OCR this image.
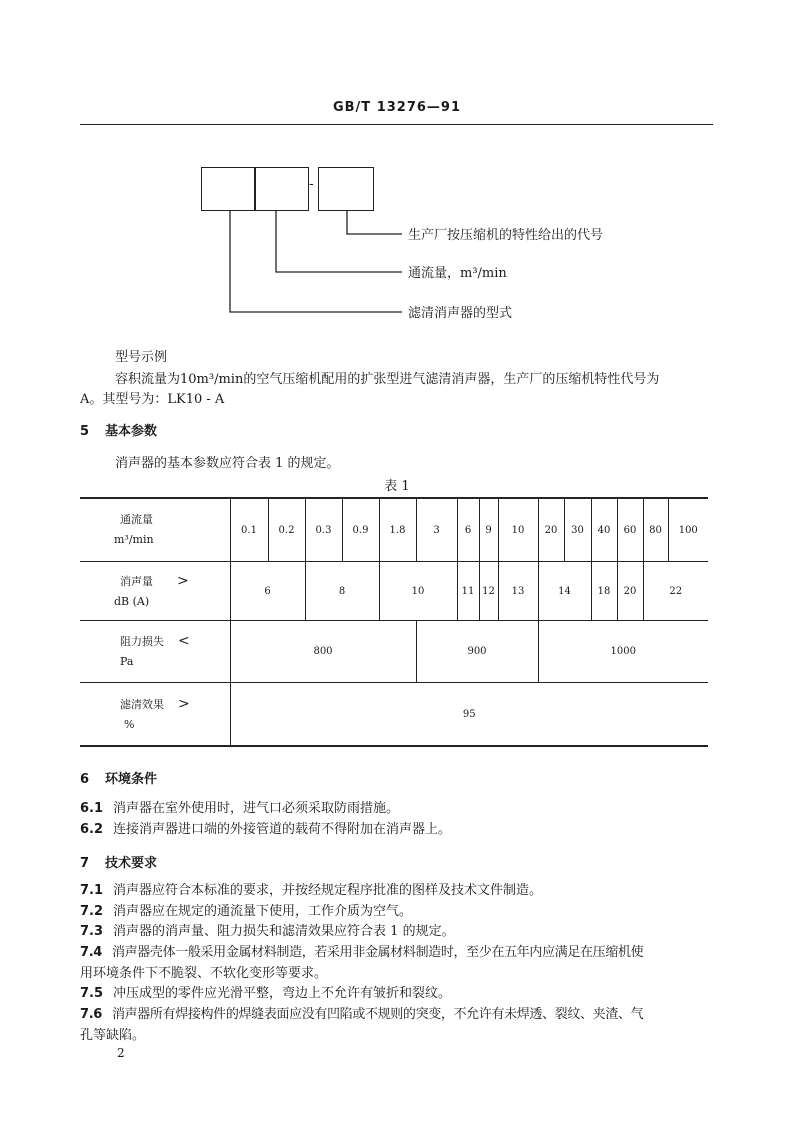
GB/T 13276—91
-
生产厂按压缩机的特性给出的代号
通流量，m³/min
滤清消声器的型式
型号示例
容积流量为10m³/min的空气压缩机配用的扩张型进气滤清消声器，生产厂的压缩机特性代号为
A。其型号为：LK10 - A
5 基本参数
消声器的基本参数应符合表 1 的规定。
表 1
通流量
m³/min	0.1	0.2	0.3	0.9	1.8	3	6	9	10	20	30	40	60	80	100
消声量 >
dB (A)	6		8		10		11	12	13	14		18	20	22	
阻力损失 <
Pa	800					900				1000					
滤清效果 >
%	95														
6 环境条件
6.1 消声器在室外使用时，进气口必须采取防雨措施。
6.2 连接消声器进口端的外接管道的载荷不得附加在消声器上。
7 技术要求
7.1 消声器应符合本标准的要求，并按经规定程序批准的图样及技术文件制造。
7.2 消声器应在规定的通流量下使用，工作介质为空气。
7.3 消声器的消声量、阻力损失和滤清效果应符合表 1 的规定。
7.4 消声器壳体一般采用金属材料制造，若采用非金属材料制造时，至少在五年内应满足在压缩机使
用环境条件下不脆裂、不软化变形等要求。
7.5 冲压成型的零件应光滑平整，弯边上不允许有皱折和裂纹。
7.6 消声器所有焊接构件的焊缝表面应没有凹陷或不规则的突变，不允许有未焊透、裂纹、夹渣、气
孔等缺陷。
2
